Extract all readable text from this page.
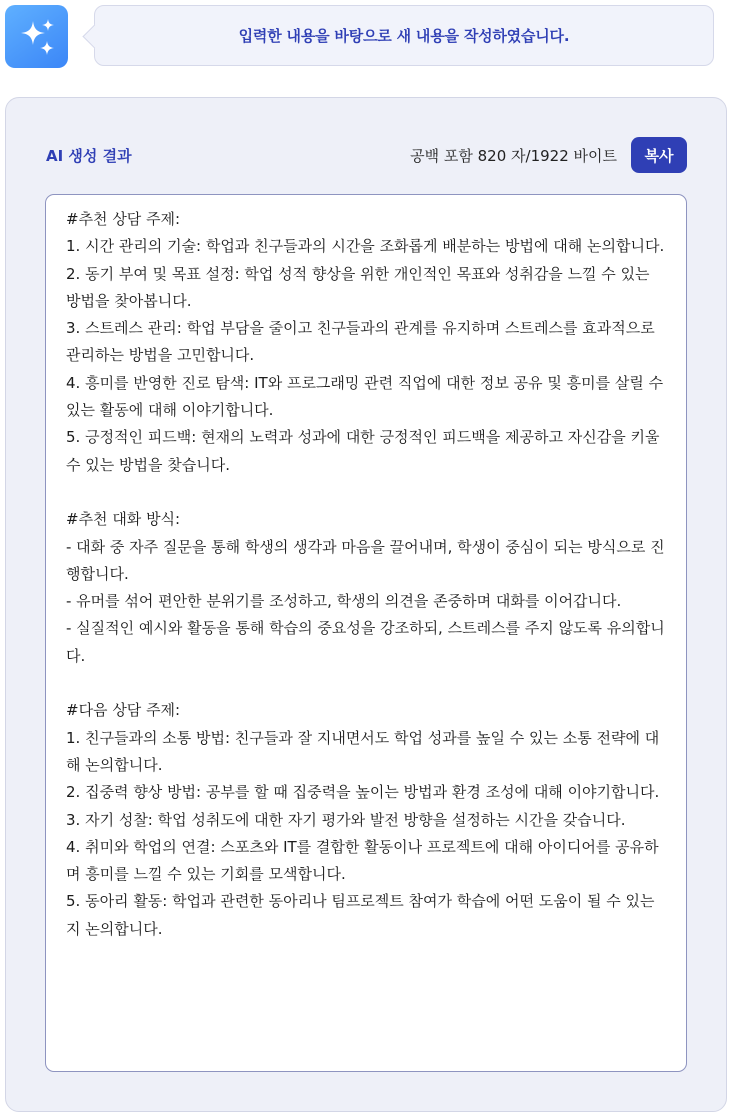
입력한 내용을 바탕으로 새 내용을 작성하였습니다.
AI 생성 결과	공백 포함 820 자/1922 바이트	복사
#추천 상담 주제:
1. 시간 관리의 기술: 학업과 친구들과의 시간을 조화롭게 배분하는 방법에 대해 논의합니다.
2. 동기 부여 및 목표 설정: 학업 성적 향상을 위한 개인적인 목표와 성취감을 느낄 수 있는 방법을 찾아봅니다.
3. 스트레스 관리: 학업 부담을 줄이고 친구들과의 관계를 유지하며 스트레스를 효과적으로 관리하는 방법을 고민합니다.
4. 흥미를 반영한 진로 탐색: IT와 프로그래밍 관련 직업에 대한 정보 공유 및 흥미를 살릴 수 있는 활동에 대해 이야기합니다.
5. 긍정적인 피드백: 현재의 노력과 성과에 대한 긍정적인 피드백을 제공하고 자신감을 키울 수 있는 방법을 찾습니다.

#추천 대화 방식:
- 대화 중 자주 질문을 통해 학생의 생각과 마음을 끌어내며, 학생이 중심이 되는 방식으로 진행합니다.
- 유머를 섞어 편안한 분위기를 조성하고, 학생의 의견을 존중하며 대화를 이어갑니다.
- 실질적인 예시와 활동을 통해 학습의 중요성을 강조하되, 스트레스를 주지 않도록 유의합니다.

#다음 상담 주제:
1. 친구들과의 소통 방법: 친구들과 잘 지내면서도 학업 성과를 높일 수 있는 소통 전략에 대해 논의합니다.
2. 집중력 향상 방법: 공부를 할 때 집중력을 높이는 방법과 환경 조성에 대해 이야기합니다.
3. 자기 성찰: 학업 성취도에 대한 자기 평가와 발전 방향을 설정하는 시간을 갖습니다.
4. 취미와 학업의 연결: 스포츠와 IT를 결합한 활동이나 프로젝트에 대해 아이디어를 공유하며 흥미를 느낄 수 있는 기회를 모색합니다.
5. 동아리 활동: 학업과 관련한 동아리나 팀프로젝트 참여가 학습에 어떤 도움이 될 수 있는지 논의합니다.
